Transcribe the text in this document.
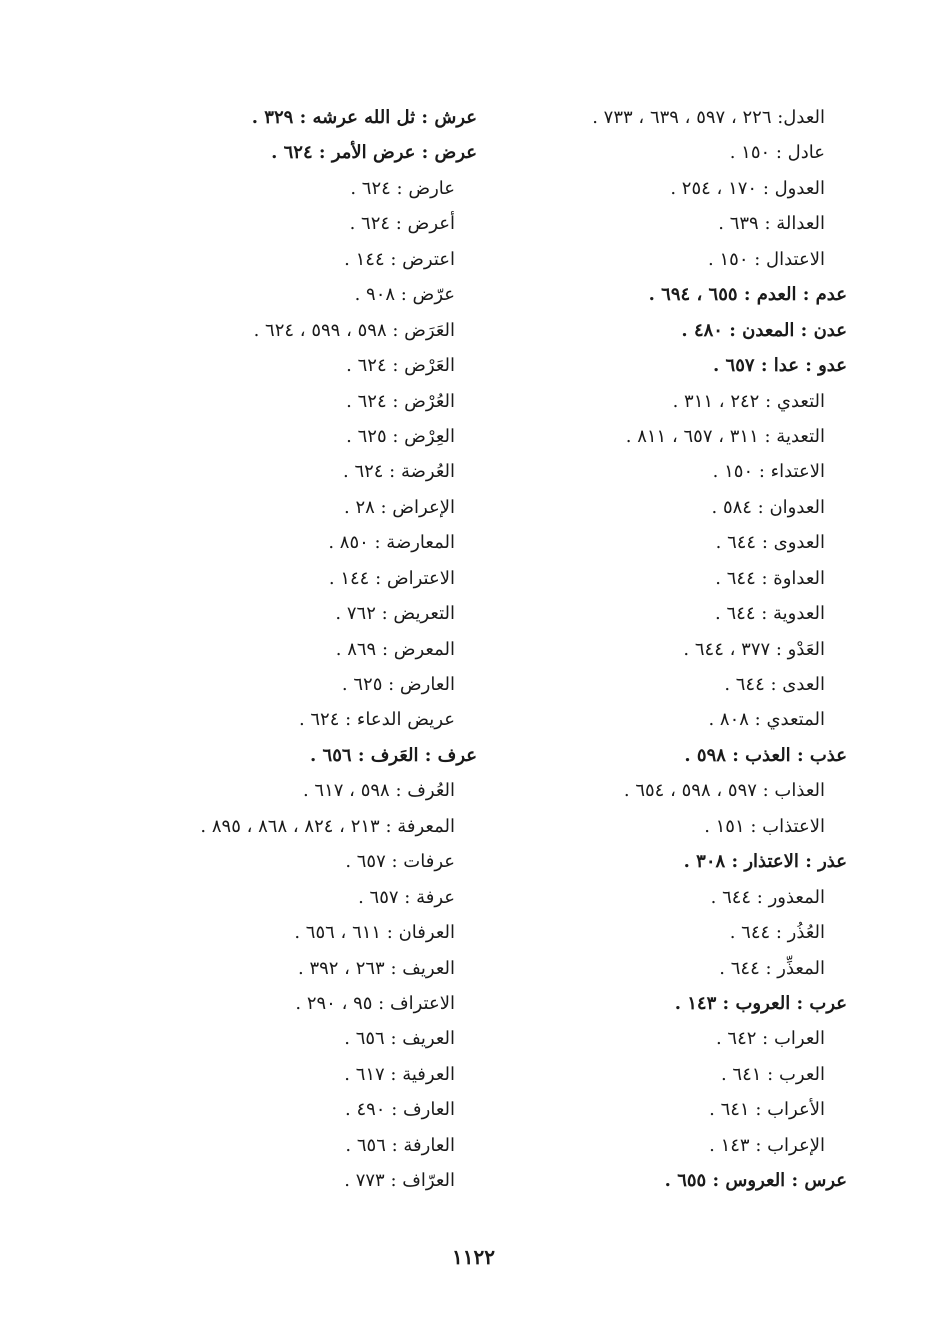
العدل: ٢٢٦ ، ٥٩٧ ، ٦٣٩ ، ٧٣٣ .
عادل : ١٥٠ .
العدول : ١٧٠ ، ٢٥٤ .
العدالة : ٦٣٩ .
الاعتدال : ١٥٠ .
عدم : العدم : ٦٥٥ ، ٦٩٤ .
عدن : المعدن : ٤٨٠ .
عدو : عدا : ٦٥٧ .
التعدي : ٢٤٢ ، ٣١١ .
التعدية : ٣١١ ، ٦٥٧ ، ٨١١ .
الاعتداء : ١٥٠ .
العدوان : ٥٨٤ .
العدوى : ٦٤٤ .
العداوة : ٦٤٤ .
العدوية : ٦٤٤ .
العَدْو : ٣٧٧ ، ٦٤٤ .
العدى : ٦٤٤ .
المتعدي : ٨٠٨ .
عذب : العذب : ٥٩٨ .
العذاب : ٥٩٧ ، ٥٩٨ ، ٦٥٤ .
الاعتذاب : ١٥١ .
عذر : الاعتذار : ٣٠٨ .
المعذور : ٦٤٤ .
العُذُر : ٦٤٤ .
المعذِّر : ٦٤٤ .
عرب : العروب : ١٤٣ .
العراب : ٦٤٢ .
العرب : ٦٤١ .
الأعراب : ٦٤١ .
الإعراب : ١٤٣ .
عرس : العروس : ٦٥٥ .
عرش : ثل الله عرشه : ٣٢٩ .
عرض : عرض الأمر : ٦٢٤ .
عارض : ٦٢٤ .
أعرض : ٦٢٤ .
اعترض : ١٤٤ .
عرّض : ٩٠٨ .
العَرَض : ٥٩٨ ، ٥٩٩ ، ٦٢٤ .
العَرْض : ٦٢٤ .
العُرْض : ٦٢٤ .
العِرْض : ٦٢٥ .
العُرضة : ٦٢٤ .
الإعراض : ٢٨ .
المعارضة : ٨٥٠ .
الاعتراض : ١٤٤ .
التعريض : ٧٦٢ .
المعرض : ٨٦٩ .
العارض : ٦٢٥ .
عريض الدعاء : ٦٢٤ .
عرف : العَرف : ٦٥٦ .
العُرف : ٥٩٨ ، ٦١٧ .
المعرفة : ٢١٣ ، ٨٢٤ ، ٨٦٨ ، ٨٩٥ .
عرفات : ٦٥٧ .
عرفة : ٦٥٧ .
العرفان : ٦١١ ، ٦٥٦ .
العريف : ٢٦٣ ، ٣٩٢ .
الاعتراف : ٩٥ ، ٢٩٠ .
العريف : ٦٥٦ .
العرفية : ٦١٧ .
العارف : ٤٩٠ .
العارفة : ٦٥٦ .
العرّاف : ٧٧٣ .
١١٢٢
